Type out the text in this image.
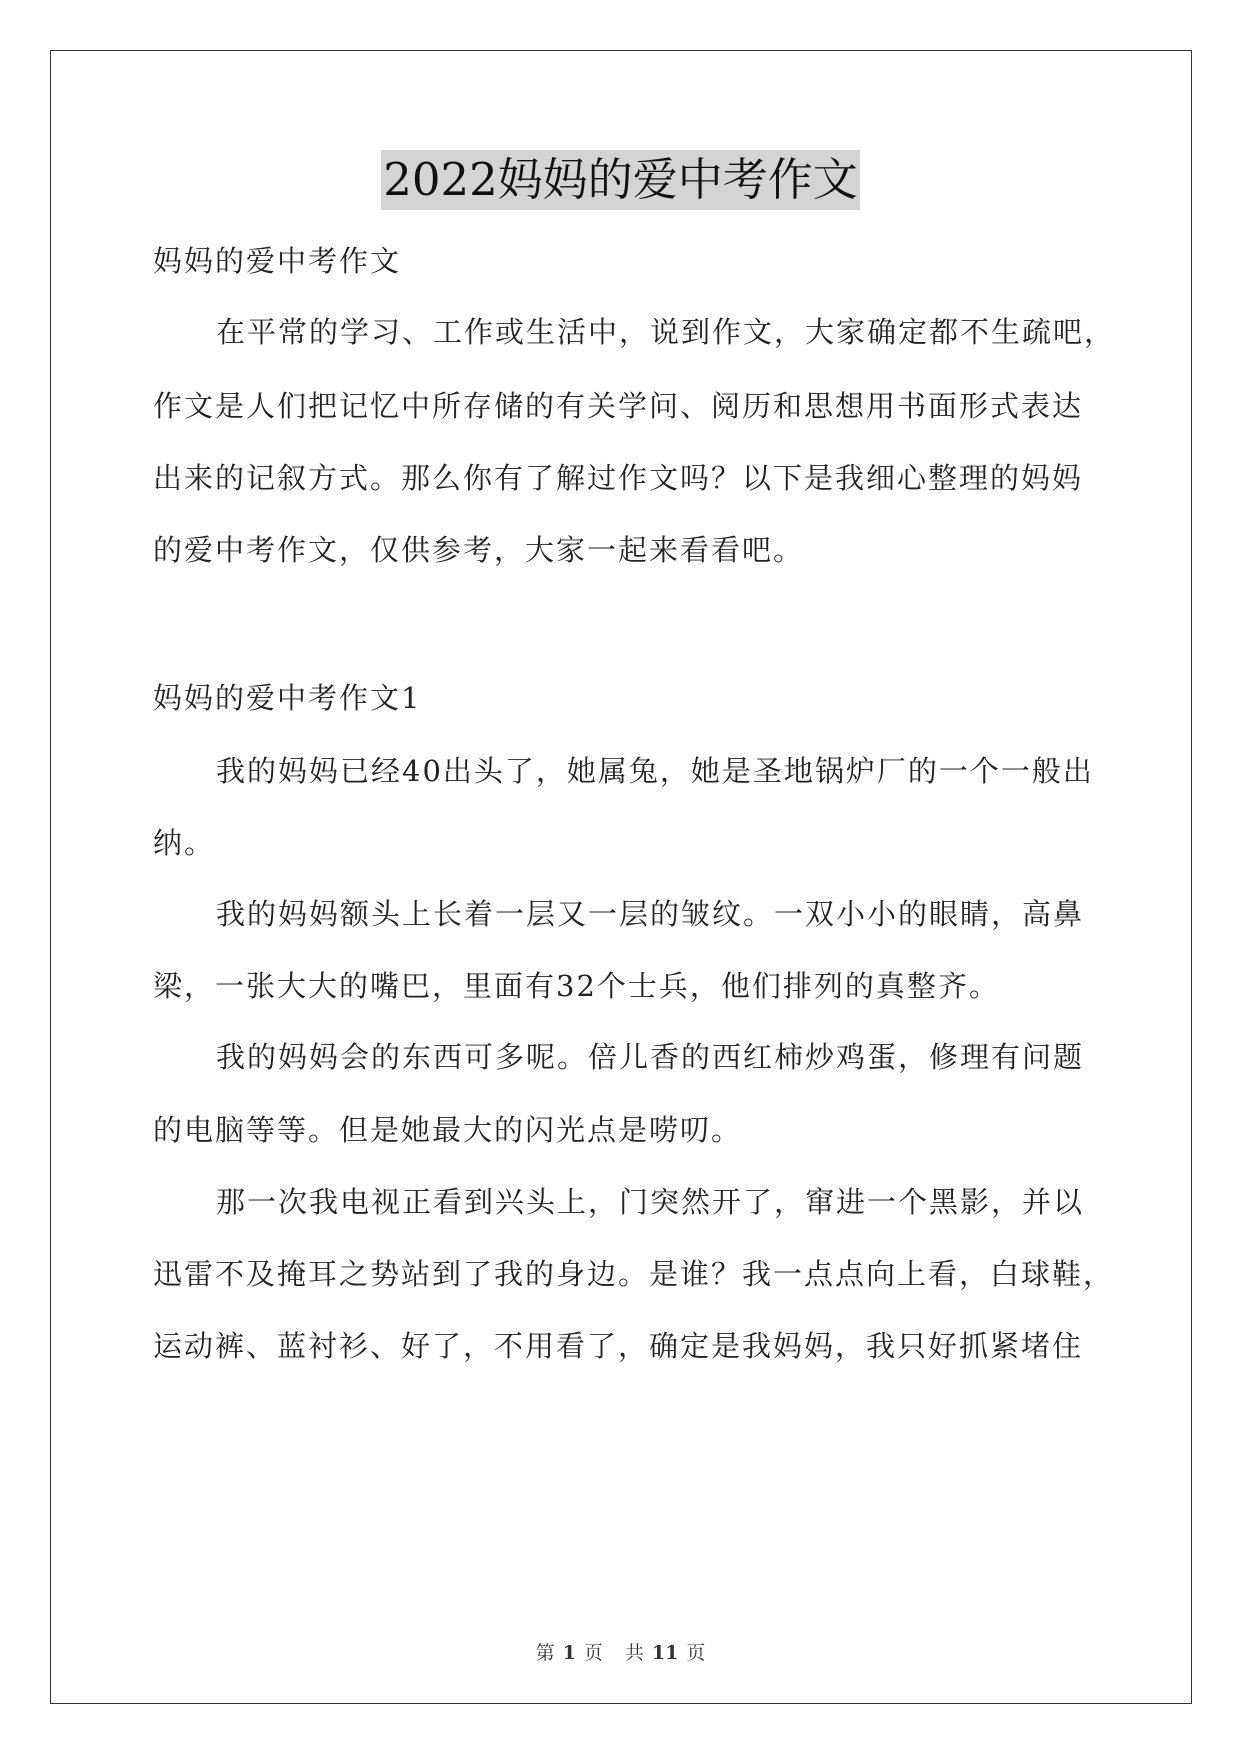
2022妈妈的爱中考作文
妈妈的爱中考作文
在平常的学习、工作或生活中，说到作文，大家确定都不生疏吧，
作文是人们把记忆中所存储的有关学问、阅历和思想用书面形式表达
出来的记叙方式。那么你有了解过作文吗？以下是我细心整理的妈妈
的爱中考作文，仅供参考，大家一起来看看吧。
妈妈的爱中考作文1
我的妈妈已经40出头了，她属兔，她是圣地锅炉厂的一个一般出
纳。
我的妈妈额头上长着一层又一层的皱纹。一双小小的眼睛，高鼻
梁，一张大大的嘴巴，里面有32个士兵，他们排列的真整齐。
我的妈妈会的东西可多呢。倍儿香的西红柿炒鸡蛋，修理有问题
的电脑等等。但是她最大的闪光点是唠叨。
那一次我电视正看到兴头上，门突然开了，窜进一个黑影，并以
迅雷不及掩耳之势站到了我的身边。是谁？我一点点向上看，白球鞋，
运动裤、蓝衬衫、好了，不用看了，确定是我妈妈，我只好抓紧堵住
第 1 页 共 11 页
